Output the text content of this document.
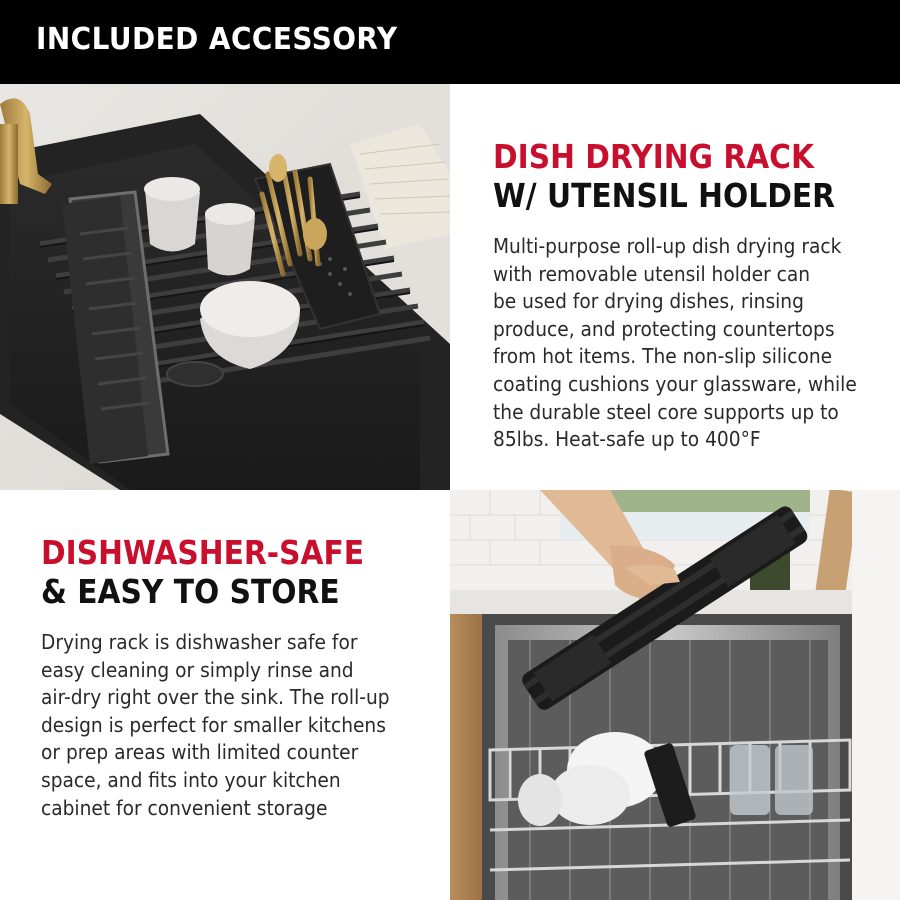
INCLUDED ACCESSORY
DISH DRYING RACK
W/ UTENSIL HOLDER
Multi-purpose roll-up dish drying rack
with removable utensil holder can
be used for drying dishes, rinsing
produce, and protecting countertops
from hot items. The non-slip silicone
coating cushions your glassware, while
the durable steel core supports up to
85lbs. Heat-safe up to 400°F
DISHWASHER-SAFE
& EASY TO STORE
Drying rack is dishwasher safe for
easy cleaning or simply rinse and
air-dry right over the sink. The roll-up
design is perfect for smaller kitchens
or prep areas with limited counter
space, and fits into your kitchen
cabinet for convenient storage
